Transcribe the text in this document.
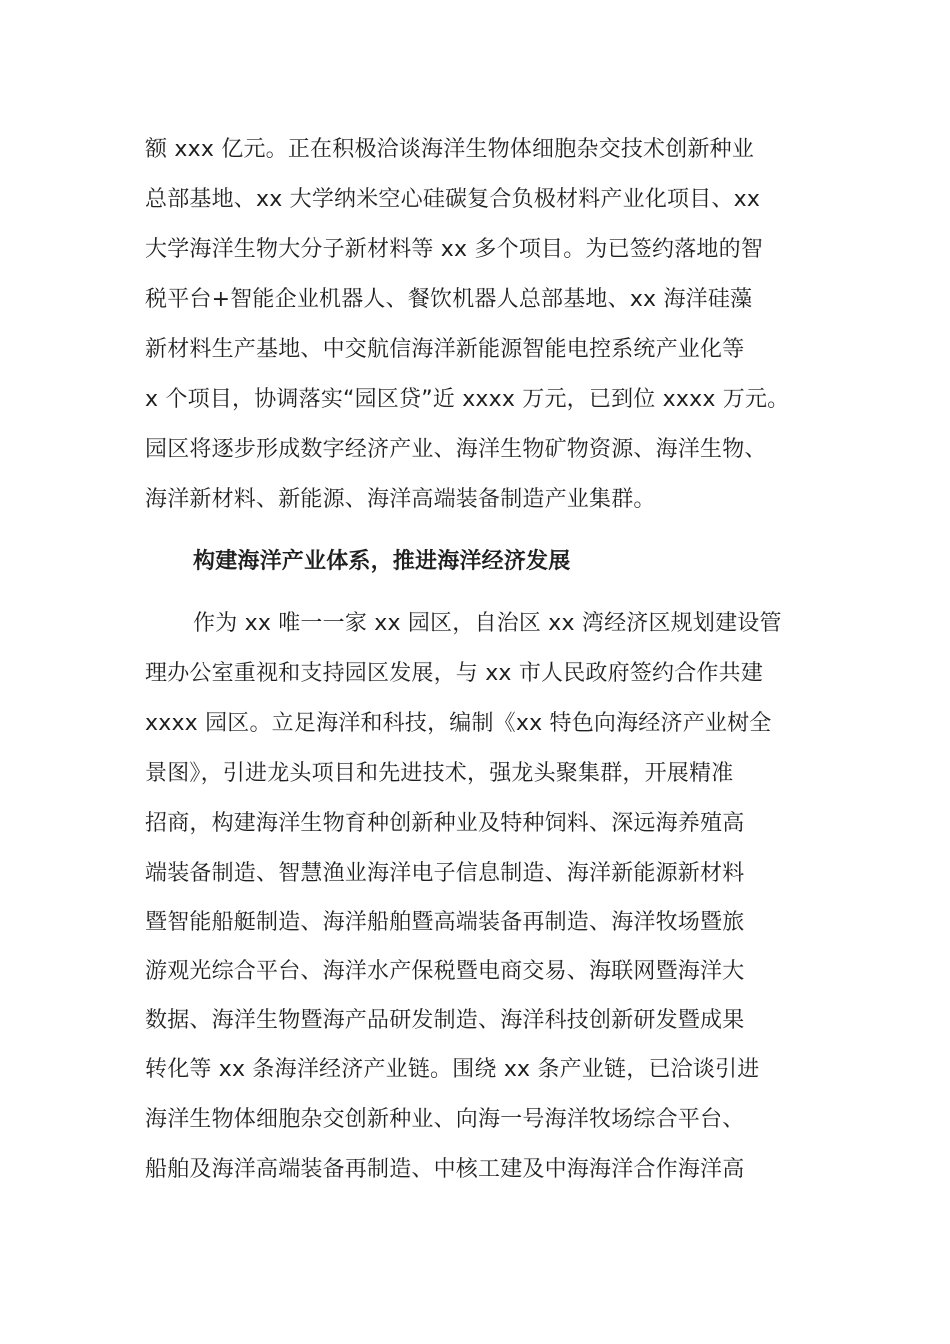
额 xxx 亿元。正在积极洽谈海洋生物体细胞杂交技术创新种业
总部基地、xx 大学纳米空心硅碳复合负极材料产业化项目、xx
大学海洋生物大分子新材料等 xx 多个项目。为已签约落地的智
税平台+智能企业机器人、餐饮机器人总部基地、xx 海洋硅藻
新材料生产基地、中交航信海洋新能源智能电控系统产业化等
x 个项目，协调落实“园区贷”近 xxxx 万元，已到位 xxxx 万元。
园区将逐步形成数字经济产业、海洋生物矿物资源、海洋生物、
海洋新材料、新能源、海洋高端装备制造产业集群。
构建海洋产业体系，推进海洋经济发展
作为 xx 唯一一家 xx 园区，自治区 xx 湾经济区规划建设管
理办公室重视和支持园区发展，与 xx 市人民政府签约合作共建
xxxx 园区。立足海洋和科技，编制《xx 特色向海经济产业树全
景图》，引进龙头项目和先进技术，强龙头聚集群，开展精准
招商，构建海洋生物育种创新种业及特种饲料、深远海养殖高
端装备制造、智慧渔业海洋电子信息制造、海洋新能源新材料
暨智能船艇制造、海洋船舶暨高端装备再制造、海洋牧场暨旅
游观光综合平台、海洋水产保税暨电商交易、海联网暨海洋大
数据、海洋生物暨海产品研发制造、海洋科技创新研发暨成果
转化等 xx 条海洋经济产业链。围绕 xx 条产业链，已洽谈引进
海洋生物体细胞杂交创新种业、向海一号海洋牧场综合平台、
船舶及海洋高端装备再制造、中核工建及中海海洋合作海洋高
